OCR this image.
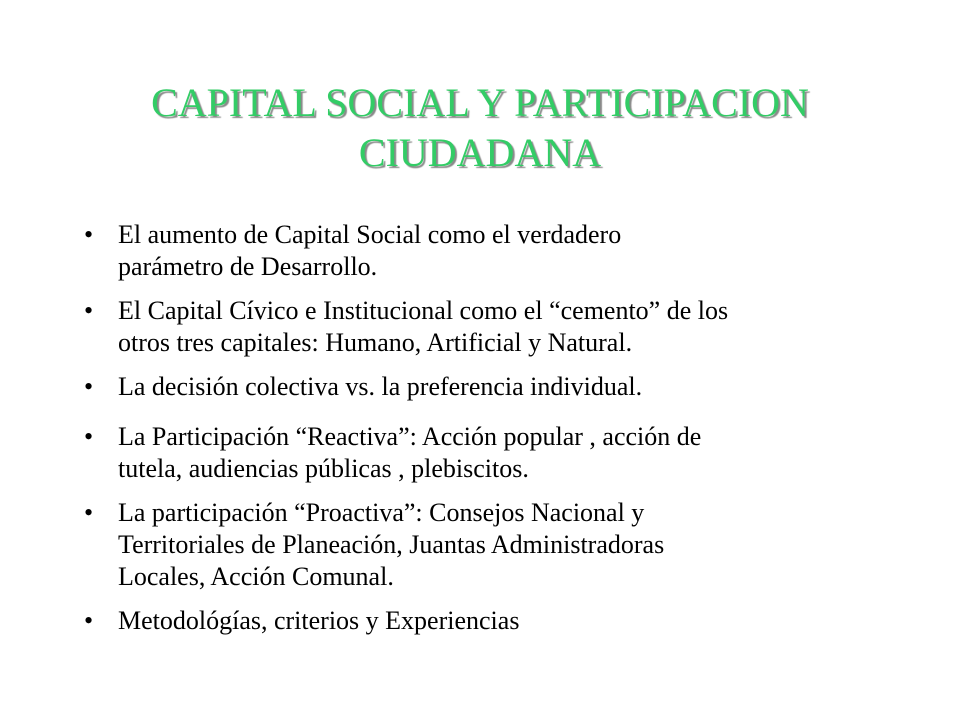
CAPITAL SOCIAL Y PARTICIPACION
CIUDADANA
• El aumento de Capital Social como el verdadero
parámetro de Desarrollo.
• El Capital Cívico e Institucional como el “cemento” de los
otros tres capitales: Humano, Artificial y Natural.
• La decisión colectiva vs. la preferencia individual.
• La Participación “Reactiva”: Acción popular , acción de
tutela, audiencias públicas , plebiscitos.
• La participación “Proactiva”: Consejos Nacional y
Territoriales de Planeación, Juantas Administradoras
Locales, Acción Comunal.
• Metodológías, criterios y Experiencias
